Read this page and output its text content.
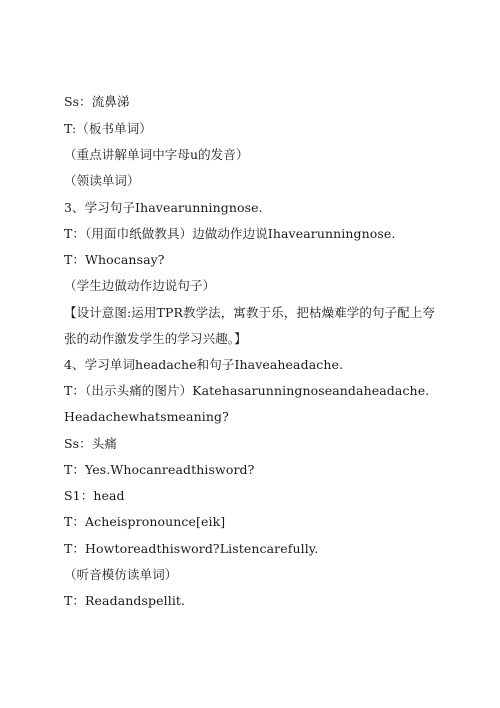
Ss：流鼻涕
T:（板书单词）
（重点讲解单词中字母u的发音）
（领读单词）
3、学习句子Ihavearunningnose.
T：（用面巾纸做教具）边做动作边说Ihavearunningnose.
T：Whocansay?
（学生边做动作边说句子）
【设计意图:运用TPR教学法，寓教于乐，把枯燥难学的句子配上夸张的动作激发学生的学习兴趣。】
4、学习单词headache和句子Ihaveaheadache.
T：（出示头痛的图片）Katehasarunningnoseandaheadache.
Headachewhatsmeaning?
Ss：头痛
T：Yes.Whocanreadthisword?
S1：head
T：Acheispronounce[eik]
T：Howtoreadthisword?Listencarefully.
（听音模仿读单词）
T：Readandspellit.
